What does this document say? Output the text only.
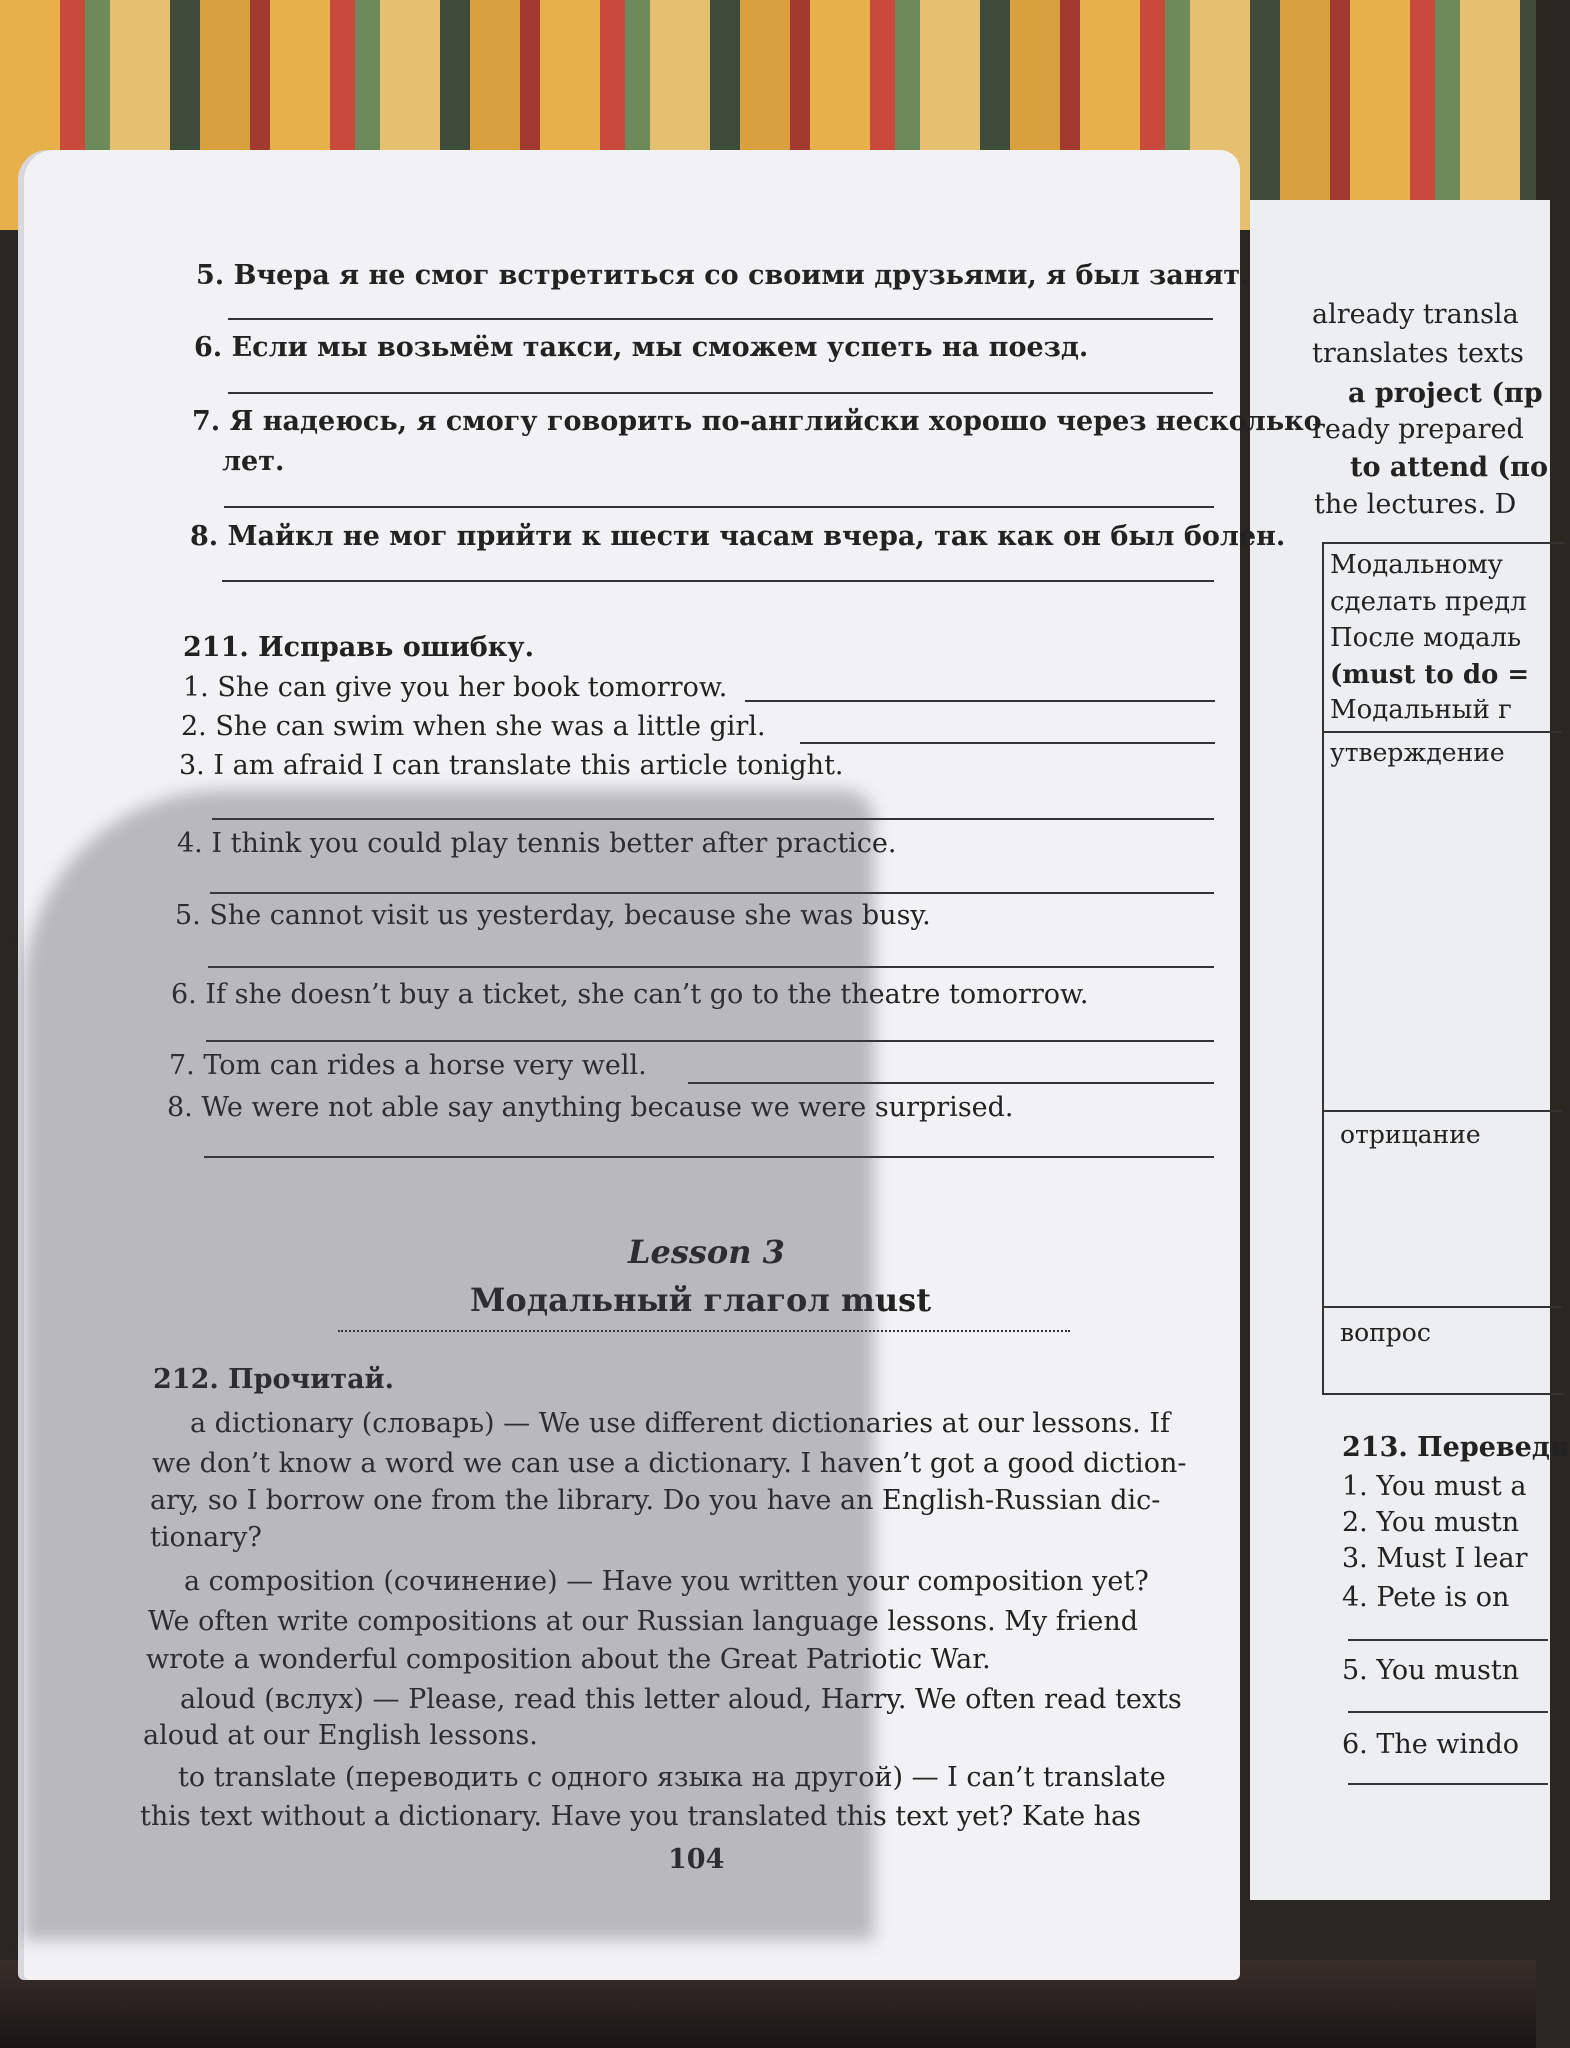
5. Вчера я не смог встретиться со своими друзьями, я был занят.
6. Если мы возьмём такси, мы сможем успеть на поезд.
7. Я надеюсь, я смогу говорить по-английски хорошо через несколько
лет.
8. Майкл не мог прийти к шести часам вчера, так как он был болен.
211. Исправь ошибку.
1. She can give you her book tomorrow.
2. She can swim when she was a little girl.
3. I am afraid I can translate this article tonight.
4. I think you could play tennis better after practice.
5. She cannot visit us yesterday, because she was busy.
6. If she doesn’t buy a ticket, she can’t go to the theatre tomorrow.
7. Tom can rides a horse very well.
8. We were not able say anything because we were surprised.
Lesson 3
Модальный глагол must
212. Прочитай.
a dictionary (словарь) — We use different dictionaries at our lessons. If
we don’t know a word we can use a dictionary. I haven’t got a good diction-
ary, so I borrow one from the library. Do you have an English-Russian dic-
tionary?
a composition (сочинение) — Have you written your composition yet?
We often write compositions at our Russian language lessons. My friend
wrote a wonderful composition about the Great Patriotic War.
aloud (вслух) — Please, read this letter aloud, Harry. We often read texts
aloud at our English lessons.
to translate (переводить с одного языка на другой) — I can’t translate
this text without a dictionary. Have you translated this text yet? Kate has
104
already transla
translates texts
a project (пр
ready prepared
to attend (по
the lectures. D
Модальному
сделать предл
После модаль
(must to do =
Модальный г
утверждение
отрицание
вопрос
213. Переведи
1. You must a
2. You mustn
3. Must I lear
4. Pete is on
5. You mustn
6. The windo
